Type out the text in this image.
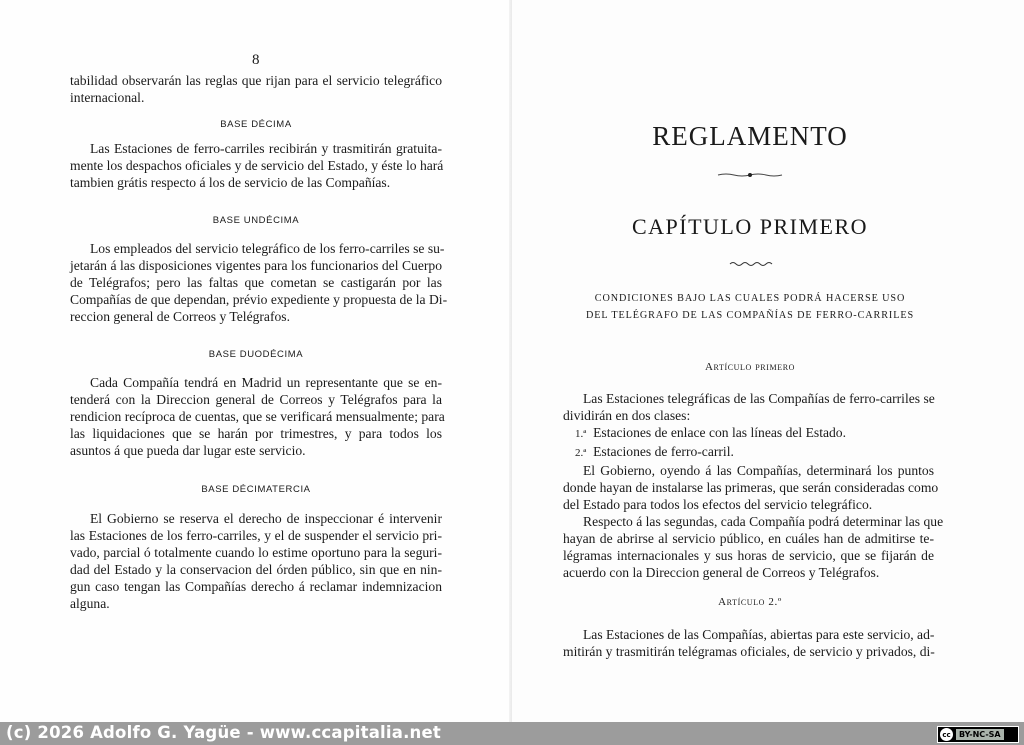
8
tabilidad observarán las reglas que rijan para el servicio telegráfico
internacional.
BASE DÉCIMA
Las Estaciones de ferro-carriles recibirán y trasmitirán gratuita-
mente los despachos oficiales y de servicio del Estado, y éste lo hará
tambien grátis respecto á los de servicio de las Compañías.
BASE UNDÉCIMA
Los empleados del servicio telegráfico de los ferro-carriles se su-
jetarán á las disposiciones vigentes para los funcionarios del Cuerpo
de Telégrafos; pero las faltas que cometan se castigarán por las
Compañías de que dependan, prévio expediente y propuesta de la Di-
reccion general de Correos y Telégrafos.
BASE DUODÉCIMA
Cada Compañía tendrá en Madrid un representante que se en-
tenderá con la Direccion general de Correos y Telégrafos para la
rendicion recíproca de cuentas, que se verificará mensualmente; para
las liquidaciones que se harán por trimestres, y para todos los
asuntos á que pueda dar lugar este servicio.
BASE DÉCIMATERCIA
El Gobierno se reserva el derecho de inspeccionar é intervenir
las Estaciones de los ferro-carriles, y el de suspender el servicio pri-
vado, parcial ó totalmente cuando lo estime oportuno para la seguri-
dad del Estado y la conservacion del órden público, sin que en nin-
gun caso tengan las Compañías derecho á reclamar indemnizacion
alguna.
REGLAMENTO
CAPÍTULO PRIMERO
CONDICIONES BAJO LAS CUALES PODRÁ HACERSE USO
DEL TELÉGRAFO DE LAS COMPAÑÍAS DE FERRO-CARRILES
Artículo primero
Las Estaciones telegráficas de las Compañías de ferro-carriles se
dividirán en dos clases:
1.ª Estaciones de enlace con las líneas del Estado.
2.ª Estaciones de ferro-carril.
El Gobierno, oyendo á las Compañías, determinará los puntos
donde hayan de instalarse las primeras, que serán consideradas como
del Estado para todos los efectos del servicio telegráfico.
Respecto á las segundas, cada Compañía podrá determinar las que
hayan de abrirse al servicio público, en cuáles han de admitirse te-
légramas internacionales y sus horas de servicio, que se fijarán de
acuerdo con la Direccion general de Correos y Telégrafos.
Artículo 2.º
Las Estaciones de las Compañías, abiertas para este servicio, ad-
mitirán y trasmitirán telégramas oficiales, de servicio y privados, di-
(c) 2026 Adolfo G. Yagüe - www.ccapitalia.net	cc	BY-NC-SA
